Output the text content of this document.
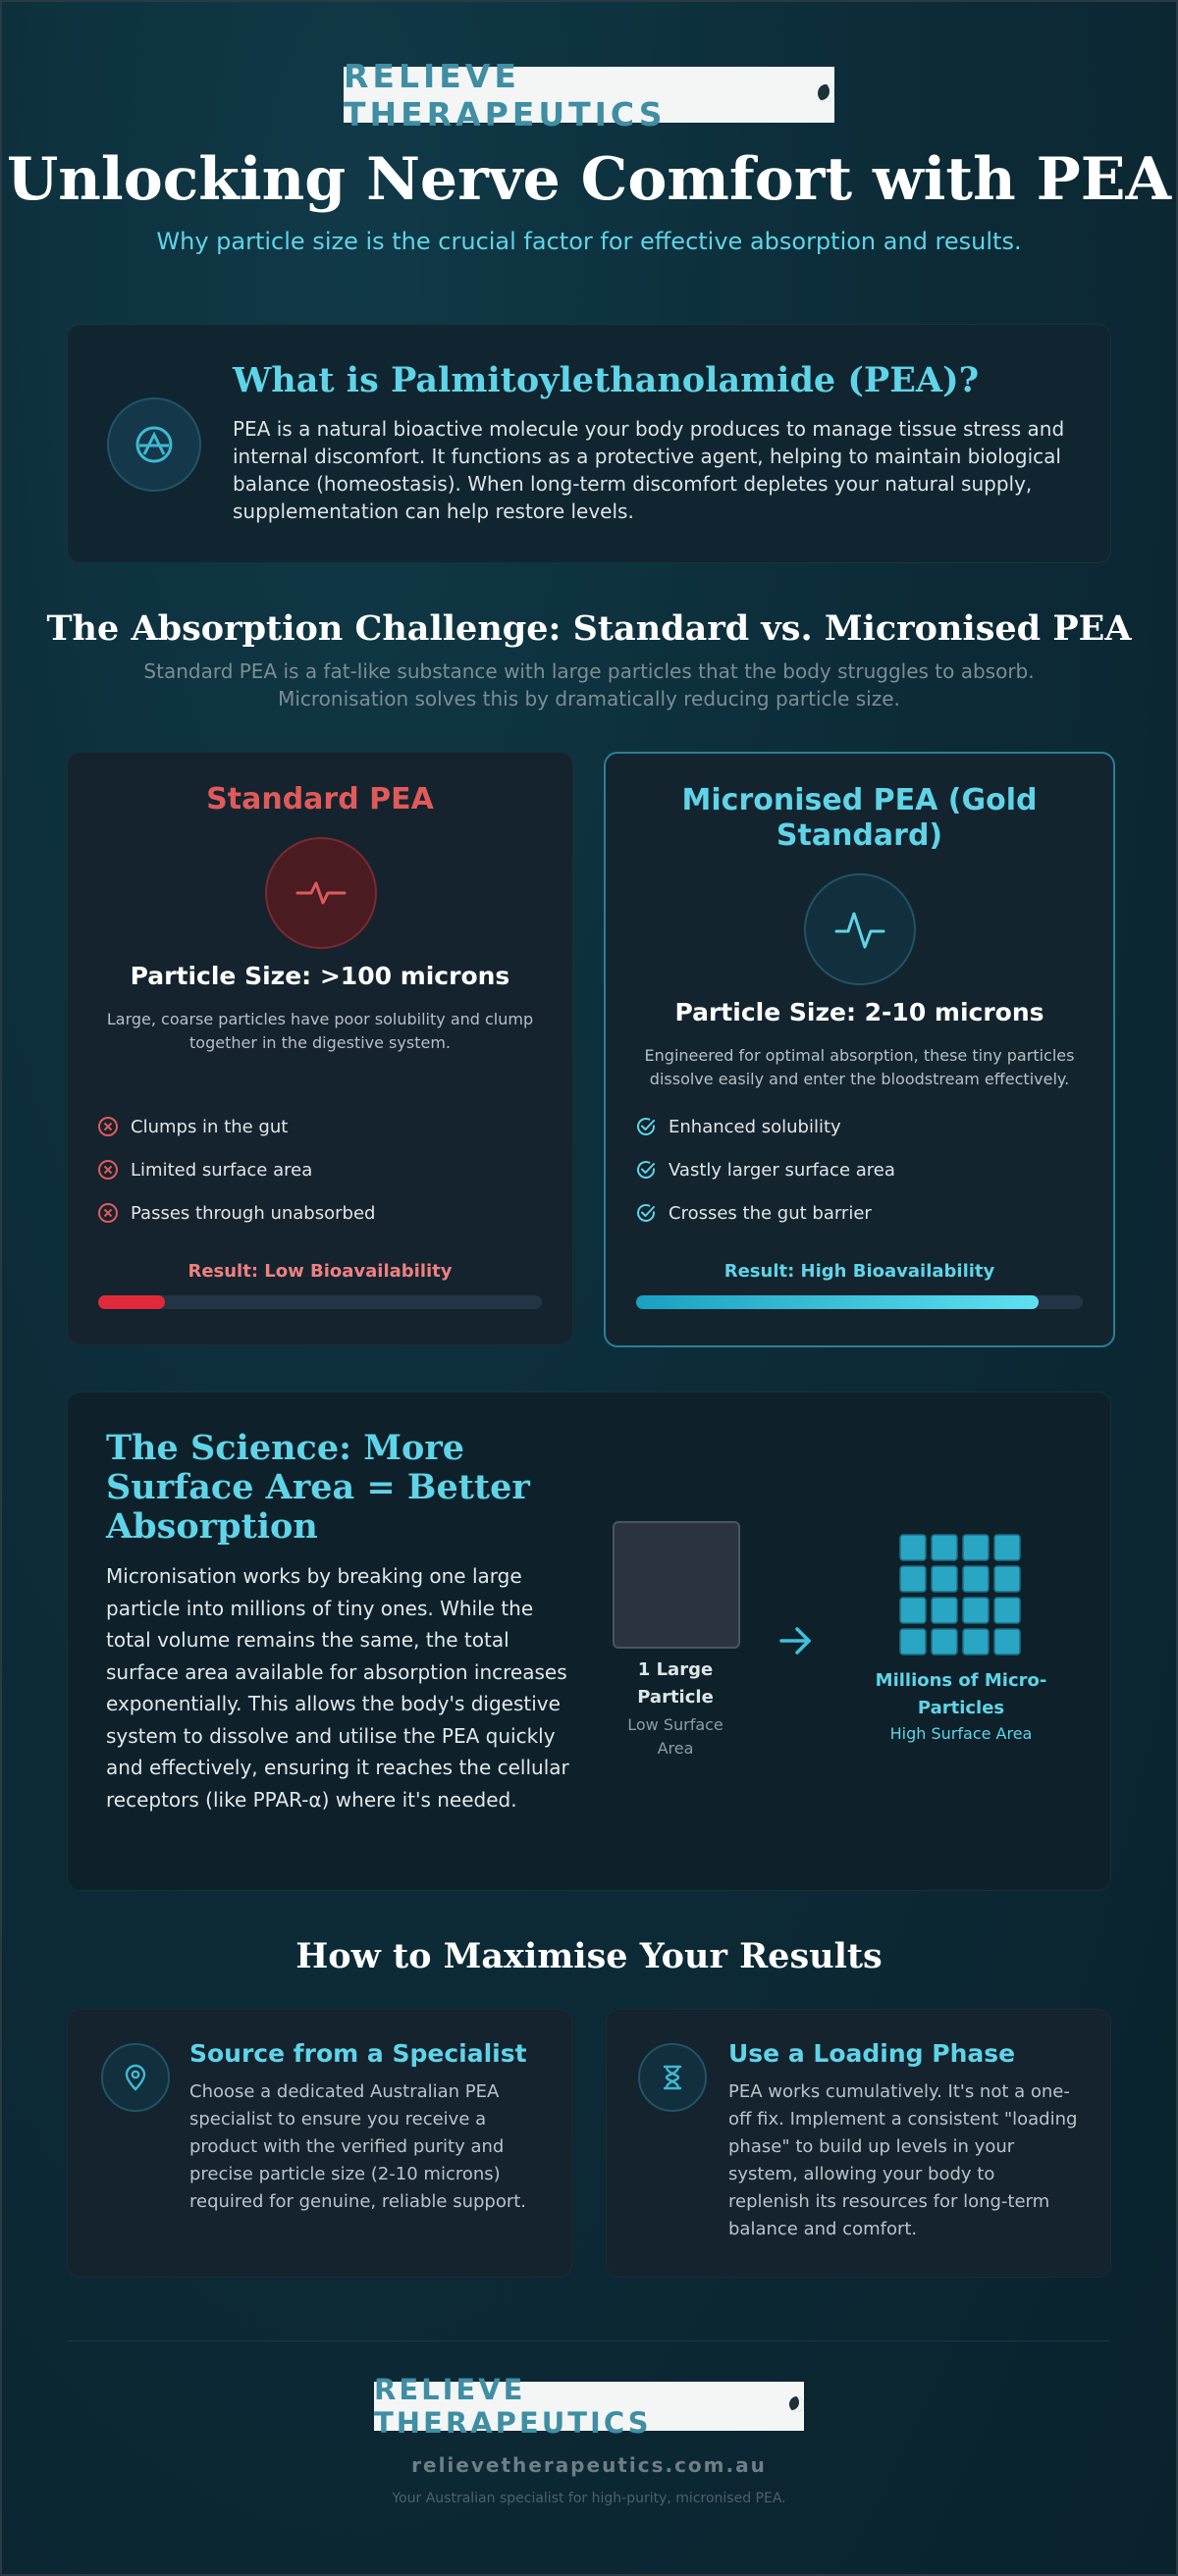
RELIEVE THERAPEUTICS
Unlocking Nerve Comfort with PEA
Why particle size is the crucial factor for effective absorption and results.
What is Palmitoylethanolamide (PEA)?
PEA is a natural bioactive molecule your body produces to manage tissue stress and internal discomfort. It functions as a protective agent, helping to maintain biological balance (homeostasis). When long-term discomfort depletes your natural supply, supplementation can help restore levels.
The Absorption Challenge: Standard vs. Micronised PEA
Standard PEA is a fat-like substance with large particles that the body struggles to absorb. Micronisation solves this by dramatically reducing particle size.
Standard PEA
Particle Size: >100 microns
Large, coarse particles have poor solubility and clump together in the digestive system.
Clumps in the gut
Limited surface area
Passes through unabsorbed
Result: Low Bioavailability
Micronised PEA (Gold Standard)
Particle Size: 2-10 microns
Engineered for optimal absorption, these tiny particles dissolve easily and enter the bloodstream effectively.
Enhanced solubility
Vastly larger surface area
Crosses the gut barrier
Result: High Bioavailability
The Science: More Surface Area = Better Absorption
Micronisation works by breaking one large particle into millions of tiny ones. While the total volume remains the same, the total surface area available for absorption increases exponentially. This allows the body's digestive system to dissolve and utilise the PEA quickly and effectively, ensuring it reaches the cellular receptors (like PPAR-α) where it's needed.
1 Large Particle
Low Surface Area
Millions of Micro-Particles
High Surface Area
How to Maximise Your Results
Source from a Specialist
Choose a dedicated Australian PEA specialist to ensure you receive a product with the verified purity and precise particle size (2-10 microns) required for genuine, reliable support.
Use a Loading Phase
PEA works cumulatively. It's not a one-off fix. Implement a consistent "loading phase" to build up levels in your system, allowing your body to replenish its resources for long-term balance and comfort.
RELIEVE THERAPEUTICS
relievetherapeutics.com.au
Your Australian specialist for high-purity, micronised PEA.
